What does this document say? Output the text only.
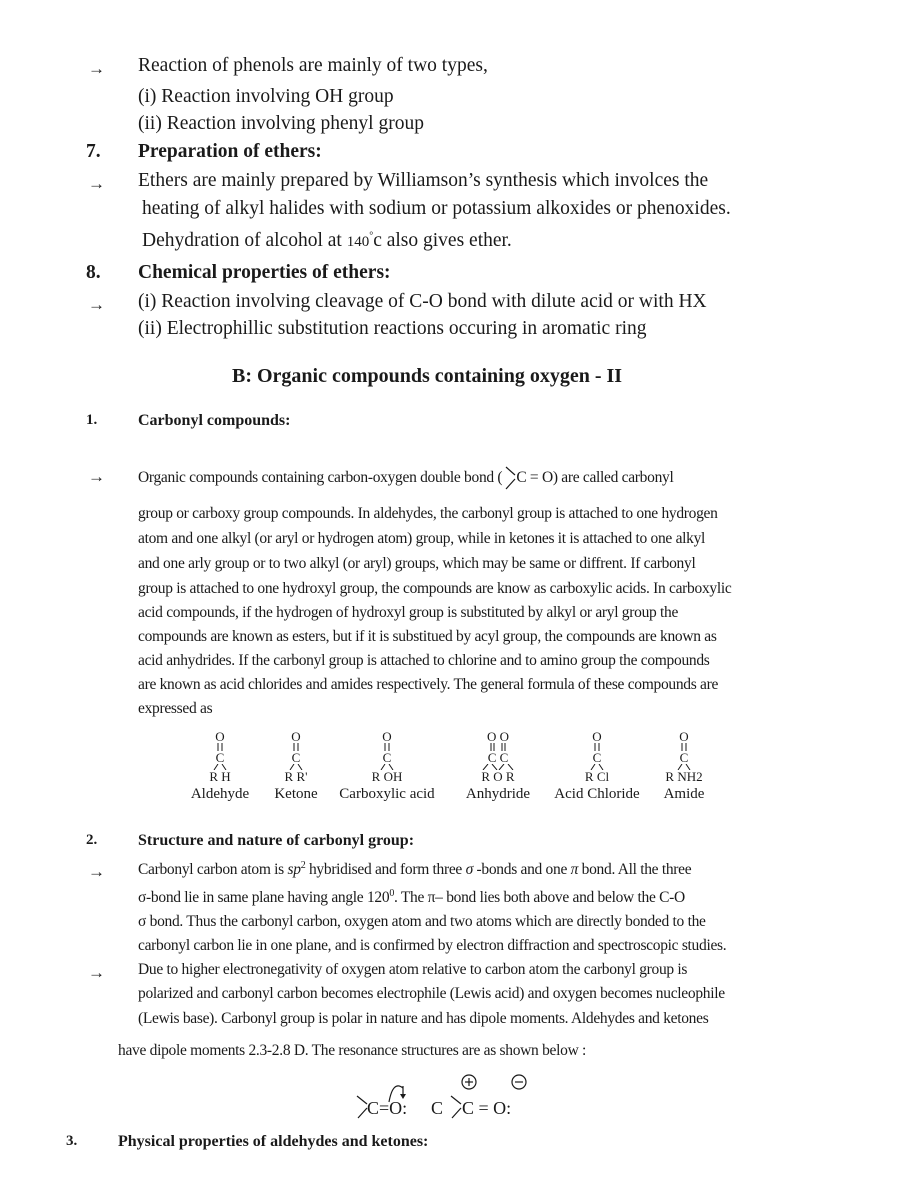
→ Reaction of phenols are mainly of two types,
(i) Reaction involving OH group
(ii) Reaction involving phenyl group
7. Preparation of ethers:
→ Ethers are mainly prepared by Williamson’s synthesis which involces the
heating of alkyl halides with sodium or potassium alkoxides or phenoxides.
Dehydration of alcohol at 140°c also gives ether.
8. Chemical properties of ethers:
→ (i) Reaction involving cleavage of C-O bond with dilute acid or with HX
(ii) Electrophillic substitution reactions occuring in aromatic ring
B: Organic compounds containing oxygen - II
1.	Carbonyl compounds:
→ Organic compounds containing carbon-oxygen double bond ( C = O) are called carbonyl
group or carboxy group compounds. In aldehydes, the carbonyl group is attached to one hydrogen
atom and one alkyl (or aryl or hydrogen atom) group, while in ketones it is attached to one alkyl
and one arly group or to two alkyl (or aryl) groups, which may be same or diffrent. If carbonyl
group is attached to one hydroxyl group, the compounds are know as carboxylic acids. In carboxylic
acid compounds, if the hydrogen of hydroxyl group is substituted by alkyl or aryl group the
compounds are known as esters, but if it is substitued by acyl group, the compounds are known as
acid anhydrides. If the carbonyl group is attached to chlorine and to amino group the compounds
are known as acid chlorides and amides respectively. The general formula of these compounds are
expressed as
O
C
R H
Aldehyde
O
C
R R'
Ketone
O
C
R OH
Carboxylic acid
O O
C C
R O R
Anhydride
O
C
R Cl
Acid Chloride
O
C
R NH2
Amide
2.	Structure and nature of carbonyl group:
→ Carbonyl carbon atom is $sp^2$ hybridised and form three σ -bonds and one π bond. All the three
σ-bond lie in same plane having angle $120^0$. The π– bond lies both above and below the C-O
σ bond. Thus the carbonyl carbon, oxygen atom and two atoms which are directly bonded to the
carbonyl carbon lie in one plane, and is confirmed by electron diffraction and spectroscopic studies.
→ Due to higher electronegativity of oxygen atom relative to carbon atom the carbonyl group is
polarized and carbonyl carbon becomes electrophile (Lewis acid) and oxygen becomes nucleophile
(Lewis base). Carbonyl group is polar in nature and has dipole moments. Aldehydes and ketones
have dipole moments 2.3-2.8 D. The resonance structures are as shown below :
C=O: C C = O:
3.	Physical properties of aldehydes and ketones:
